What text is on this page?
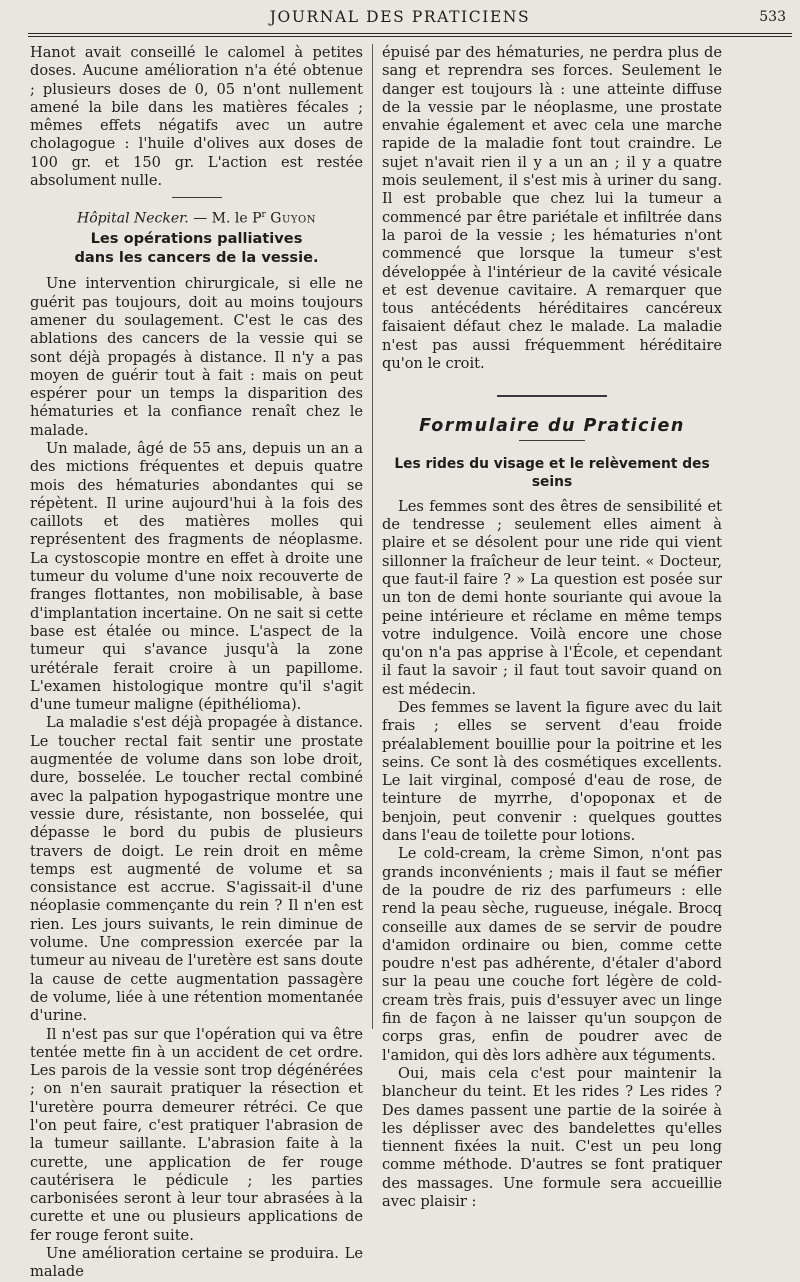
JOURNAL DES PRATICIENS	533

Hanot avait conseillé le calomel à petites doses. Aucune amélioration n'a été obtenue ; plusieurs doses de 0, 05 n'ont nullement amené la bile dans les matières fécales ; mêmes effets négatifs avec un autre cholagogue : l'huile d'olives aux doses de 100 gr. et 150 gr. L'action est restée absolument nulle.

Hôpital Necker. — M. le $P^r$ Guyon

Les opérations palliatives
dans les cancers de la vessie.

Une intervention chirurgicale, si elle ne guérit pas toujours, doit au moins toujours amener du soulagement. C'est le cas des ablations des cancers de la vessie qui se sont déjà propagés à distance. Il n'y a pas moyen de guérir tout à fait : mais on peut espérer pour un temps la disparition des hématuries et la confiance renaît chez le malade.

Un malade, âgé de 55 ans, depuis un an a des mictions fréquentes et depuis quatre mois des hématuries abondantes qui se répètent. Il urine aujourd'hui à la fois des caillots et des matières molles qui représentent des fragments de néoplasme. La cystoscopie montre en effet à droite une tumeur du volume d'une noix recouverte de franges flottantes, non mobilisable, à base d'implantation incertaine. On ne sait si cette base est étalée ou mince. L'aspect de la tumeur qui s'avance jusqu'à la zone urétérale ferait croire à un papillome. L'examen histologique montre qu'il s'agit d'une tumeur maligne (épithélioma).

La maladie s'est déjà propagée à distance. Le toucher rectal fait sentir une prostate augmentée de volume dans son lobe droit, dure, bosselée. Le toucher rectal combiné avec la palpation hypogastrique montre une vessie dure, résistante, non bosselée, qui dépasse le bord du pubis de plusieurs travers de doigt. Le rein droit en même temps est augmenté de volume et sa consistance est accrue. S'agissait-il d'une néoplasie commençante du rein ? Il n'en est rien. Les jours suivants, le rein diminue de volume. Une compression exercée par la tumeur au niveau de l'uretère est sans doute la cause de cette augmentation passagère de volume, liée à une rétention momentanée d'urine.

Il n'est pas sur que l'opération qui va être tentée mette fin à un accident de cet ordre. Les parois de la vessie sont trop dégénérées ; on n'en saurait pratiquer la résection et l'uretère pourra demeurer rétréci. Ce que l'on peut faire, c'est pratiquer l'abrasion de la tumeur saillante. L'abrasion faite à la curette, une application de fer rouge cautérisera le pédicule ; les parties carbonisées seront à leur tour abrasées à la curette et une ou plusieurs applications de fer rouge feront suite.

Une amélioration certaine se produira. Le malade

épuisé par des hématuries, ne perdra plus de sang et reprendra ses forces. Seulement le danger est toujours là : une atteinte diffuse de la vessie par le néoplasme, une prostate envahie également et avec cela une marche rapide de la maladie font tout craindre. Le sujet n'avait rien il y a un an ; il y a quatre mois seulement, il s'est mis à uriner du sang. Il est probable que chez lui la tumeur a commencé par être pariétale et infiltrée dans la paroi de la vessie ; les hématuries n'ont commencé que lorsque la tumeur s'est développée à l'intérieur de la cavité vésicale et est devenue cavitaire. A remarquer que tous antécédents héréditaires cancéreux faisaient défaut chez le malade. La maladie n'est pas aussi fréquemment héréditaire qu'on le croit.

Formulaire du Praticien
Les rides du visage et le relèvement des seins

Les femmes sont des êtres de sensibilité et de tendresse ; seulement elles aiment à plaire et se désolent pour une ride qui vient sillonner la fraîcheur de leur teint. « Docteur, que faut-il faire ? » La question est posée sur un ton de demi honte souriante qui avoue la peine intérieure et réclame en même temps votre indulgence. Voilà encore une chose qu'on n'a pas apprise à l'École, et cependant il faut la savoir ; il faut tout savoir quand on est médecin.

Des femmes se lavent la figure avec du lait frais ; elles se servent d'eau froide préalablement bouillie pour la poitrine et les seins. Ce sont là des cosmétiques excellents. Le lait virginal, composé d'eau de rose, de teinture de myrrhe, d'opoponax et de benjoin, peut convenir : quelques gouttes dans l'eau de toilette pour lotions.

Le cold-cream, la crème Simon, n'ont pas grands inconvénients ; mais il faut se méfier de la poudre de riz des parfumeurs : elle rend la peau sèche, rugueuse, inégale. Brocq conseille aux dames de se servir de poudre d'amidon ordinaire ou bien, comme cette poudre n'est pas adhérente, d'étaler d'abord sur la peau une couche fort légère de cold-cream très frais, puis d'essuyer avec un linge fin de façon à ne laisser qu'un soupçon de corps gras, enfin de poudrer avec de l'amidon, qui dès lors adhère aux téguments.

Oui, mais cela c'est pour maintenir la blancheur du teint. Et les rides ? Les rides ? Des dames passent une partie de la soirée à les déplisser avec des bandelettes qu'elles tiennent fixées la nuit. C'est un peu long comme méthode. D'autres se font pratiquer des massages. Une formule sera accueillie avec plaisir :
